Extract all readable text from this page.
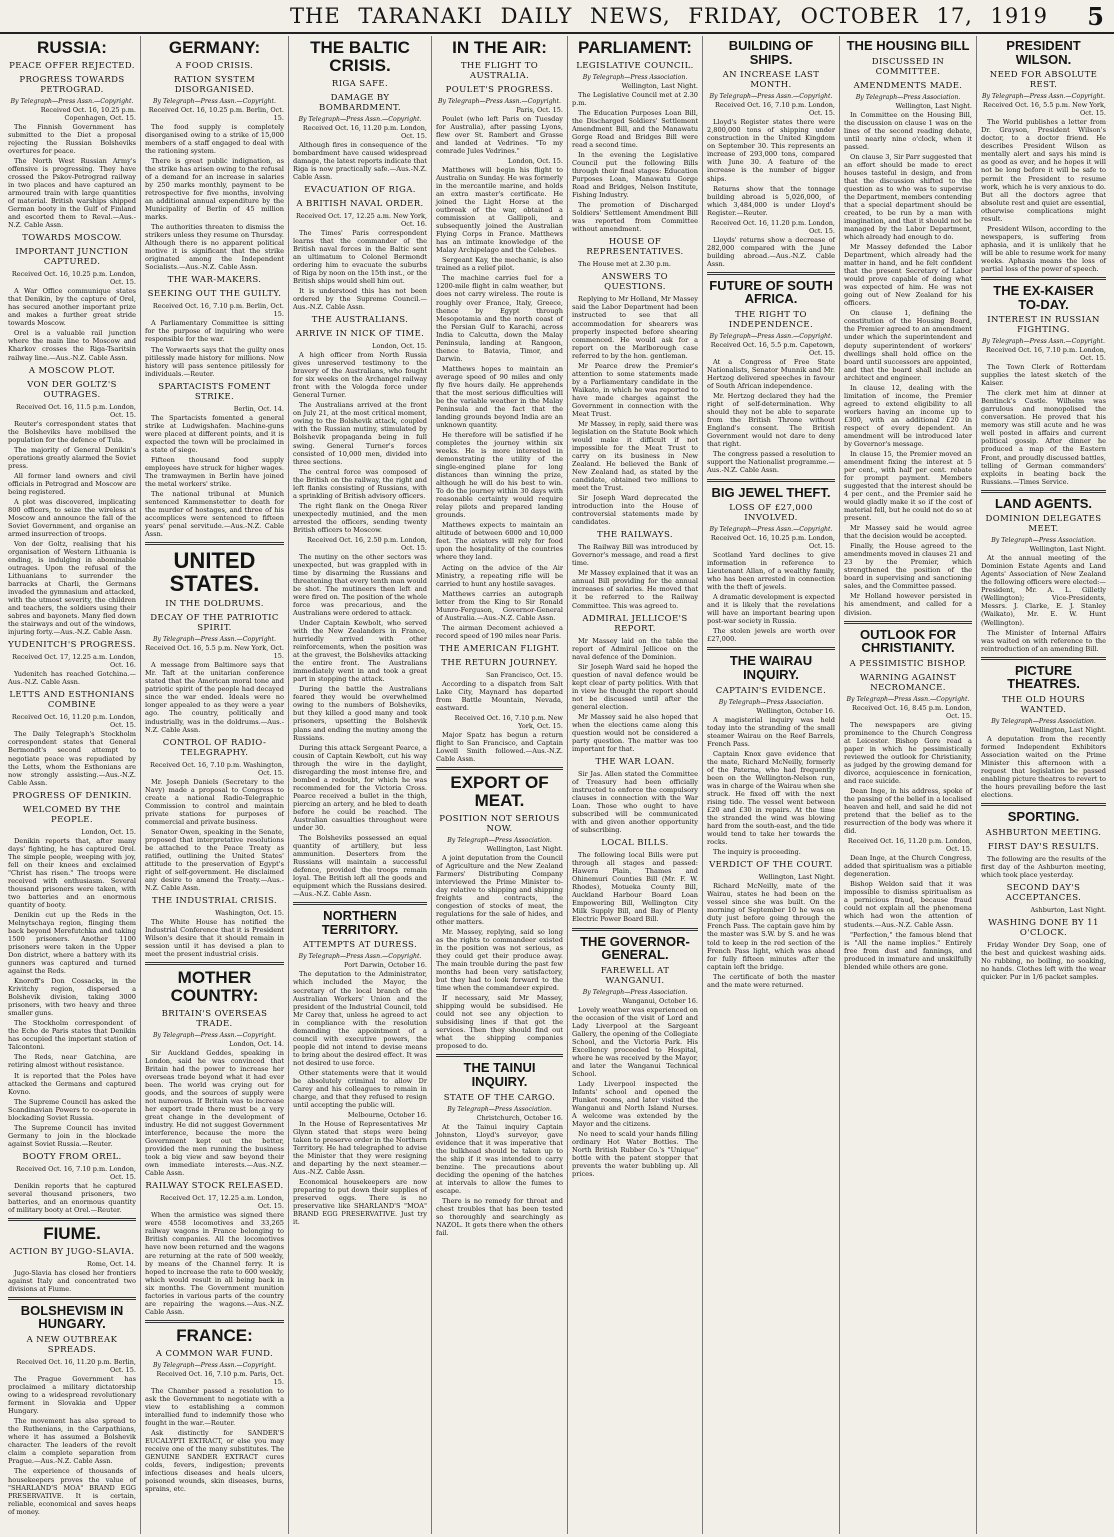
THE TARANAKI DAILY NEWS, FRIDAY, OCTOBER 17, 1919	5
RUSSIA:
PEACE OFFER REJECTED.
PROGRESS TOWARDS PETROGRAD.
By Telegraph—Press Assn.—Copyright.
Received Oct. 16, 10.25 p.m. Copenhagen, Oct. 15.

The Finnish Government has submitted to the Diet a proposal rejecting the Russian Bolsheviks overtures for peace.

The North West Russian Army's offensive is progressing. They have crossed the Pskov-Petrograd railway in two places and have captured an armoured train with large quantities of material. British warships shipped German booty in the Gulf of Finland and escorted them to Reval.—Aus.-N.Z. Cable Assn.

TOWARDS MOSCOW.
IMPORTANT JUNCTION CAPTURED.
Received Oct. 16, 10.25 p.m. London, Oct. 15.

A War Office communique states that Denikin, by the capture of Orel, has secured another important prize and makes a further great stride towards Moscow.

Orel is a valuable rail junction where the main line to Moscow and Kharkov crosses the Riga-Tsaritsin railway line.—Aus.-N.Z. Cable Assn.

A MOSCOW PLOT.
VON DER GOLTZ'S OUTRAGES.
Received Oct. 16, 11.5 p.m. London, Oct. 15.

Reuter's correspondent states that the Bolsheviks have mobilised the population for the defence of Tula.

The majority of General Denikin's operations greatly alarmed the Soviet press.

All former land owners and civil officials in Petrograd and Moscow are being registered.

A plot was discovered, implicating 800 officers, to seize the wireless at Moscow and announce the fall of the Soviet Government, and organise an armed insurrection of troops.

Von der Goltz, realising that his organisation of Western Lithuania is ending, is indulging in abominable outrages. Upon the refusal of the Lithuanians to surrender the barracks at Charli, the Germans invaded the gymnasium and attacked, with the utmost severity, the children and teachers, the soldiers using their sabres and bayonets. Many fled down the stairways and out of the windows, injuring forty.—Aus.-N.Z. Cable Assn.

YUDENITCH'S PROGRESS.
Received Oct. 17, 12.25 a.m. London, Oct. 16.

Yudenitch has reached Gotchina.—Aus.-N.Z. Cable Assn.

LETTS AND ESTHONIANS COMBINE
Received Oct. 16, 11.20 p.m. London, Oct. 15.

The Daily Telegraph's Stockholm correspondent states that General Bermondt's second attempt to negotiate peace was repudiated by the Letts, whom the Esthonians are now strongly assisting.—Aus.-N.Z. Cable Assn.

PROGRESS OF DENIKIN.
WELCOMED BY THE PEOPLE.
London, Oct. 15.

Denikin reports that, after many days' fighting, he has captured Orel. The simple people, weeping with joy, fell on their knees and exclaimed "Christ has risen." The troops were received with enthusiasm. Several thousand prisoners were taken, with two batteries and an enormous quantity of booty.

Denikin cut up the Reds in the Melnytschaya region, flinging them back beyond Merefutchka and taking 1500 prisoners. Another 1100 prisoners were taken in the Upper Don district, where a battery with its gunners was captured and turned against the Reds.

Knoroff's Don Cossacks, in the Krivitchy region, dispersed a Bolshevik division, taking 3000 prisoners, with two heavy and three smaller guns.

The Stockholm correspondent of the Echo de Paris states that Denikin has occupied the important station of Talcontoni.

The Reds, near Gatchina, are retiring almost without resistance.

It is reported that the Poles have attacked the Germans and captured Kovno.

The Supreme Council has asked the Scandinavian Powers to co-operate in blockading Soviet Russia.

The Supreme Council has invited Germany to join in the blockade against Soviet Russia.—Reuter.

BOOTY FROM OREL.
Received Oct. 16, 7.10 p.m. London, Oct. 15.

Denikin reports that he captured several thousand prisoners, two batteries, and an enormous quantity of military booty at Orel.—Reuter.

FIUME.
ACTION BY JUGO-SLAVIA.
Rome, Oct. 14.

Jugo-Slavia has closed her frontiers against Italy and concentrated two divisions at Fiume.

BOLSHEVISM IN HUNGARY.
A NEW OUTBREAK SPREADS.
Received Oct. 16, 11.20 p.m. Berlin, Oct. 15.

The Prague Government has proclaimed a military dictatorship owing to a widespread revolutionary ferment in Slovakia and Upper Hungary.

The movement has also spread to the Ruthenians, in the Carpathians, where it has assumed a Bolshevik character. The leaders of the revolt claim a complete separation from Prague.—Aus.-N.Z. Cable Assn.

The experience of thousands of housekeepers proves the value of "SHARLAND'S MOA" BRAND EGG PRESERVATIVE. It is certain, reliable, economical and saves heaps of money.

GERMANY:
A FOOD CRISIS.
RATION SYSTEM DISORGANISED.
By Telegraph—Press Assn.—Copyright.
Received Oct. 16, 10.25 p.m. Berlin, Oct. 15.

The food supply is completely disorganised owing to a strike of 15,000 members of a staff engaged to deal with the rationing system.

There is great public indignation, as the strike has arisen owing to the refusal of a demand for an increase in salaries by 250 marks monthly, payment to be retrospective for five months, involving an additional annual expenditure by the Municipality of Berlin of 45 million marks.

The authorities threaten to dismiss the strikers unless they resume on Thursday. Although there is no apparent political motive it is significant that the strike originated among the Independent Socialists.—Aus.-N.Z. Cable Assn.

THE WAR-MAKERS.
SEEKING OUT THE GUILTY.
Received Oct. 16, 7.10 p.m. Berlin, Oct. 15.

A Parliamentary Committee is sitting for the purpose of inquiring who were responsible for the war.

The Vorwaerts says that the guilty ones pitilessly made history for millions. Now history will pass sentence pitilessly for individuals.—Reuter.

SPARTACISTS FOMENT STRIKE.
Berlin, Oct. 14.

The Spartacists fomented a general strike at Ludwigshafen. Machine-guns were placed at different points, and it is expected the town will be proclaimed in a state of siege.

Fifteen thousand food supply employees have struck for higher wages. The tramwaymen in Berlin have joined the metal workers' strike.

The national tribunal at Munich sentenced Kammenstetter to death for the murder of hostages, and three of his accomplices were sentenced to fifteen years' penal servitude.—Aus.-N.Z. Cable Assn.

UNITED STATES.
IN THE DOLDRUMS.
DECAY OF THE PATRIOTIC SPIRIT.
By Telegraph—Press Assn.—Copyright.
Received Oct. 16, 5.5 p.m. New York, Oct. 15.

A message from Baltimore says that Mr. Taft at the unitarian conference stated that the American moral tone and patriotic spirit of the people had decayed since the war ended. Ideals were no longer appealed to as they were a year ago. The country, politically and industrially, was in the doldrums.—Aus.-N.Z. Cable Assn.

CONTROL OF RADIO-TELEGRAPHY.
Received Oct. 16, 7.10 p.m. Washington, Oct. 15.

Mr. Joseph Daniels (Secretary to the Navy) made a proposal to Congress to create a national Radio-Telegraphic Commission to control and maintain private stations for purposes of commercial and private business.

Senator Owen, speaking in the Senate, proposed that interpretative resolutions be attached to the Peace Treaty as ratified, outlining the United States' attitude to the preservation of Egypt's right of self-government. He disclaimed any desire to amend the Treaty.—Aus.-N.Z. Cable Assn.

THE INDUSTRIAL CRISIS.
Washington, Oct. 15.

The White House has notified the Industrial Conference that it is President Wilson's desire that it should remain in session until it has devised a plan to meet the present industrial crisis.

MOTHER COUNTRY:
BRITAIN'S OVERSEAS TRADE.
By Telegraph—Press Assn.—Copyright.
London, Oct. 14.

Sir Auckland Geddes, speaking in London, said he was convinced that Britain had the power to increase her overseas trade beyond what it had ever been. The world was crying out for goods, and the sources of supply were not numerous. If Britain was to increase her export trade there must be a very great change in the development of industry. He did not suggest Government interference, because the more the Government kept out the better, provided the men running the business took a big view and saw beyond their own immediate interests.—Aus.-N.Z. Cable Assn.

RAILWAY STOCK RELEASED.
Received Oct. 17, 12.25 a.m. London, Oct. 15.

When the armistice was signed there were 4558 locomotives and 33,265 railway wagons in France belonging to British companies. All the locomotives have now been returned and the wagons are returning at the rate of 500 weekly, by means of the Channel ferry. It is hoped to increase the rate to 600 weekly, which would result in all being back in six months. The Government munition factories in various parts of the country are repairing the wagons.—Aus.-N.Z. Cable Assn.

FRANCE:
A COMMON WAR FUND.
By Telegraph—Press Assn.—Copyright.
Received Oct. 16, 7.10 p.m. Paris, Oct. 15.

The Chamber passed a resolution to ask the Government to negotiate with a view to establishing a common interallied fund to indemnify those who fought in the war.—Reuter.

Ask distinctly for SANDER'S EUCALYPTI EXTRACT, or else you may receive one of the many substitutes. The GENUINE SANDER EXTRACT cures colds, fevers, indigestion; prevents infectious diseases and heals ulcers, poisoned wounds, skin diseases, burns, sprains, etc.

THE BALTIC CRISIS.
RIGA SAFE.
DAMAGE BY BOMBARDMENT.
By Telegraph—Press Assn.—Copyright.
Received Oct. 16, 11.20 p.m. London, Oct. 15.

Although fires in consequence of the bombardment have caused widespread damage, the latest reports indicate that Riga is now practically safe.—Aus.-N.Z. Cable Assn.

EVACUATION OF RIGA.
A BRITISH NAVAL ORDER.
Received Oct. 17, 12.25 a.m. New York, Oct. 16.

The Times' Paris correspondent learns that the commander of the British naval forces in the Baltic sent an ultimatum to Colonel Bermondt ordering him to evacuate the suburbs of Riga by noon on the 15th inst., or the British ships would shell him out.

It is understood this has not been ordered by the Supreme Council.—Aus.-N.Z. Cable Assn.

THE AUSTRALIANS.
ARRIVE IN NICK OF TIME.
London, Oct. 15.

A high officer from North Russia gives unreserved testimony to the bravery of the Australians, who fought for six weeks on the Archangel railway front with the Vologda force under General Turner.

The Australians arrived at the front on July 21, at the most critical moment, owing to the Bolshevik attack, coupled with the Russian mutiny, stimulated by Bolshevik propaganda being in full swing. General Turner's forces consisted of 10,000 men, divided into three sections.

The central force was composed of the British on the railway, the right and left flanks consisting of Russians, with a sprinkling of British advisory officers.

The right flank on the Onega River unexpectedly mutinied, and the men arrested the officers, sending twenty British officers to Moscow.

Received Oct. 16, 2.50 p.m. London, Oct. 15.

The mutiny on the other sectors was unexpected, but was grappled with in time by disarming the Russians and threatening that every tenth man would be shot. The mutineers then left and were fired on. The position of the whole force was precarious, and the Australians were ordered to attack.

Under Captain Kewbolt, who served with the New Zealanders in France, hurriedly arrived with other reinforcements, when the position was at the gravest, the Bolsheviks attacking the entire front. The Australians immediately went in and took a great part in stopping the attack.

During the battle the Australians feared they would be overwhelmed owing to the numbers of Bolsheviks, but they killed a good many and took prisoners, upsetting the Bolshevik plans and ending the mutiny among the Russians.

During this attack Sergeant Pearce, a cousin of Captain Kewbolt, cut his way through the wire in the daylight, disregarding the most intense fire, and bombed a redoubt, for which he was recommended for the Victoria Cross. Pearce received a bullet in the thigh, piercing an artery, and he bled to death before he could be reached. The Australian casualties throughout were under 30.

The Bolsheviks possessed an equal quantity of artillery, but less ammunition. Deserters from the Russians will maintain a successful defence, provided the troops remain loyal. The British left all the goods and equipment which the Russians desired.—Aus.-N.Z. Cable Assn.

NORTHERN TERRITORY.
ATTEMPTS AT DURESS.
By Telegraph—Press Assn.—Copyright.
Port Darwin, October 16.

The deputation to the Administrator, which included the Mayor, the secretary of the local branch of the Australian Workers' Union and the president of the Industrial Council, told Mr Carey that, unless he agreed to act in compliance with the resolution demanding the appointment of a council with executive powers, the people did not intend to devise means to bring about the desired effect. It was not desired to use force.

Other statements were that it would be absolutely criminal to allow Dr Carey and his colleagues to remain in charge, and that they refused to resign until accepting the public will.

Melbourne, October 16.

In the House of Representatives Mr Glynn stated that steps were being taken to preserve order in the Northern Territory. He had telegraphed to advise the Minister that they were resigning and departing by the next steamer.—Aus.-N.Z. Cable Assn.

Economical housekeepers are now preparing to put down their supplies of preserved eggs. There is no preservative like SHARLAND'S "MOA" BRAND EGG PRESERVATIVE. Just try it.

IN THE AIR:
THE FLIGHT TO AUSTRALIA.
POULET'S PROGRESS.
By Telegraph—Press Assn.—Copyright.
Paris, Oct. 15.

Poulet (who left Paris on Tuesday for Australia), after passing Lyons, flew over St. Rambert and Grasse and landed at Vedrines. "To my comrade Jules Vedrines."

London, Oct. 15.

Matthews will begin his flight to Australia on Sunday. He was formerly in the mercantile marine, and holds an extra master's certificate. He joined the Light Horse at the outbreak of the war, obtained a commission at Gallipoli, and subsequently joined the Australian Flying Corps in France. Matthews has an intimate knowledge of the Malay Archipelago and the Celebes.

Sergeant Kay, the mechanic, is also trained as a relief pilot.

The machine carries fuel for a 1200-mile flight in calm weather, but does not carry wireless. The route is roughly over France, Italy, Greece, thence by Egypt through Mesopotamia and the north coast of the Persian Gulf to Karachi, across India to Calcutta, down the Malay Peninsula, landing at Rangoon, thence to Batavia, Timor, and Darwin.

Matthews hopes to maintain an average speed of 90 miles and only fly five hours daily. He apprehends that the most serious difficulties will be the variable weather in the Malay Peninsula and the fact that the landing grounds beyond India are an unknown quantity.

He therefore will be satisfied if he completes the journey within six weeks. He is more interested in demonstrating the utility of the single-engined plane for long distances than winning the prize, although he will do his best to win. To do the journey within 30 days with reasonable certainty would require relay pilots and prepared landing grounds.

Matthews expects to maintain an altitude of between 6000 and 10,000 feet. The aviators will rely for food upon the hospitality of the countries where they land.

Acting on the advice of the Air Ministry, a repeating rifle will be carried to hunt any hostile savages.

Matthews carries an autograph letter from the King to Sir Ronald Munro-Ferguson, Governor-General of Australia.—Aus.-N.Z. Cable Assn.

The airman Decoment achieved a record speed of 190 miles near Paris.

THE AMERICAN FLIGHT.
THE RETURN JOURNEY.
San Francisco, Oct. 15.

According to a dispatch from Salt Lake City, Maynard has departed from Battle Mountain, Nevada, eastward.

Received Oct. 16, 7.10 p.m. New York, Oct. 15.

Major Spatz has begun a return flight to San Francisco, and Captain Lowell Smith followed.—Aus.-N.Z. Cable Assn.

EXPORT OF MEAT.
POSITION NOT SERIOUS NOW.
By Telegraph—Press Association.
Wellington, Last Night.

A joint deputation from the Council of Agriculture and the New Zealand Farmers' Distributing Company interviewed the Prime Minister to-day relative to shipping and shipping freights and contracts, the congestion of stocks of meat, the regulations for the sale of hides, and other matters.

Mr. Massey, replying, said so long as the rights to commandeer existed in the position was not serious, as they could get their produce away. The main trouble during the past few months had been very satisfactory, but they had to look forward to the time when the commandeer expired.

If necessary, said Mr Massey, shipping would be subsidised. He could not see any objection to subsidising lines if that got the services. Then they should find out what the shipping companies proposed to do.

THE TAINUI INQUIRY.
STATE OF THE CARGO.
By Telegraph—Press Association.
Christchurch, October 16.

At the Tainui inquiry Captain Johnston, Lloyd's surveyor, gave evidence that it was imperative that the bulkhead should be taken up to the ship if it was intended to carry benzine. The precautions about deciding the opening of the hatches at intervals to allow the fumes to escape.

There is no remedy for throat and chest troubles that has been tested so thoroughly and searchingly as NAZOL. It gets there when the others fail.

PARLIAMENT:
LEGISLATIVE COUNCIL.
By Telegraph—Press Association.
Wellington, Last Night.

The Legislative Council met at 2.30 p.m.

The Education Purposes Loan Bill, the Discharged Soldiers' Settlement Amendment Bill, and the Manawatu Gorge Road and Bridges Bill were read a second time.

In the evening the Legislative Council put the following Bills through their final stages: Education Purposes Loan, Manawatu Gorge Road and Bridges, Nelson Institute, Fishing Industry.

The promotion of Discharged Soldiers' Settlement Amendment Bill was reported from Committee without amendment.

HOUSE OF REPRESENTATIVES.

The House met at 2.30 p.m.

ANSWERS TO QUESTIONS.

Replying to Mr Holland, Mr Massey said the Labor Department had been instructed to see that all accommodation for shearers was properly inspected before shearing commenced. He would ask for a report on the Marlborough case referred to by the hon. gentleman.

Mr Pearce drew the Premier's attention to some statements made by a Parliamentary candidate in the Waikato, in which he was reported to have made charges against the Government in connection with the Meat Trust.

Mr Massey, in reply, said there was legislation on the Statute Book which would make it difficult if not impossible for the Meat Trust to carry on its business in New Zealand. He believed the Bank of New Zealand had, as stated by the candidate, obtained two millions to meet the Trust.

Sir Joseph Ward deprecated the introduction into the House of controversial statements made by candidates.

THE RAILWAYS.

The Railway Bill was introduced by Governor's message, and read a first time.

Mr Massey explained that it was an annual Bill providing for the annual increases of salaries. He moved that it be referred to the Railway Committee. This was agreed to.

ADMIRAL JELLICOE'S REPORT.

Mr Massey laid on the table the report of Admiral Jellicoe on the naval defence of the Dominion.

Sir Joseph Ward said he hoped the question of naval defence would be kept clear of party politics. With that in view he thought the report should not be discussed until after the general election.

Mr Massey said he also hoped that when the elections came along this question would not be considered a party question. The matter was too important for that.

THE WAR LOAN.

Sir Jas. Allen stated the Committee of Treasury had been officially instructed to enforce the compulsory clauses in connection with the War Loan. Those who ought to have subscribed will be communicated with and given another opportunity of subscribing.

LOCAL BILLS.

The following local Bills were put through all stages and passed: Hawera Plain, Thames and Ohinemuri Counties Bill (Mr. F. W. Rhodes), Motueka County Bill, Auckland Harbour Board Loan Empowering Bill, Wellington City Milk Supply Bill, and Bay of Plenty Electric Power Board Bill.

THE GOVERNOR-GENERAL.
FAREWELL AT WANGANUI.
By Telegraph—Press Association.
Wanganui, October 16.

Lovely weather was experienced on the occasion of the visit of Lord and Lady Liverpool at the Sargeant Gallery, the opening of the Collegiate School, and the Victoria Park. His Excellency proceeded to Hospital, where he was received by the Mayor, and later the Wanganui Technical School.

Lady Liverpool inspected the Infants' school and opened the Plunket rooms, and later visited the Wanganui and North Island Nurses. A welcome was extended by the Mayor and the citizens.

No need to scald your hands filling ordinary Hot Water Bottles. The North British Rubber Co.'s "Unique" bottle with the patent stopper that prevents the water bubbling up. All prices.

BUILDING OF SHIPS.
AN INCREASE LAST MONTH.
By Telegraph—Press Assn.—Copyright.
Received Oct. 16, 7.10 p.m. London, Oct. 15.

Lloyd's Register states there were 2,800,000 tons of shipping under construction in the United Kingdom on September 30. This represents an increase of 293,000 tons, compared with June 30. A feature of the increase is the number of bigger ships.

Returns show that the tonnage building abroad is 5,026,000, of which 3,484,000 is under Lloyd's Register.—Reuter.

Received Oct. 16, 11.20 p.m. London, Oct. 15.

Lloyds' returns show a decrease of 282,000 compared with the June building abroad.—Aus.-N.Z. Cable Assn.

FUTURE OF SOUTH AFRICA.
THE RIGHT TO INDEPENDENCE.
By Telegraph—Press Assn.—Copyright.
Received Oct. 16, 5.5 p.m. Capetown, Oct. 15.

At a Congress of Free State Nationalists, Senator Munnik and Mr. Hertzog delivered speeches in favour of South African independence.

Mr. Hertzog declared they had the right of self-determination. Why should they not be able to separate from the British Throne without England's consent. The British Government would not dare to deny that right.

The congress passed a resolution to support the Nationalist programme.—Aus.-N.Z. Cable Assn.

BIG JEWEL THEFT.
LOSS OF £27,000 INVOLVED.
By Telegraph—Press Assn.—Copyright.
Received Oct. 16, 10.25 p.m. London, Oct. 15.

Scotland Yard declines to give information in reference to Lieutenant Allan, of a wealthy family, who has been arrested in connection with the theft of jewels.

A dramatic development is expected and it is likely that the revelations will have an important bearing upon post-war society in Russia.

The stolen jewels are worth over £27,000.

THE WAIRAU INQUIRY.
CAPTAIN'S EVIDENCE.
By Telegraph—Press Association.
Wellington, October 16.

A magisterial inquiry was held today into the stranding of the small steamer Wairau on the Reef Barrels, French Pass.

Captain Knox gave evidence that the mate, Richard McNeilly, formerly of the Paterna, who had frequently been on the Wellington-Nelson run, was in charge of the Wairau when she struck. He fixed off with the next rising tide. The vessel went between £20 and £30 in repairs. At the time the stranded the wind was blowing hard from the south-east, and the tide would tend to take her towards the rocks.

The inquiry is proceeding.

VERDICT OF THE COURT.
Wellington, Last Night.

Richard McNeilly, mate of the Wairau, states he had been on the vessel since she was built. On the morning of September 10 he was on duty just before going through the French Pass. The captain gave him by the master was S.W. by S. and he was told to keep in the red section of the French Pass light, which was ahead for fully fifteen minutes after the captain left the bridge.

The certificate of both the master and the mate were returned.

THE HOUSING BILL
DISCUSSED IN COMMITTEE.
AMENDMENTS MADE.
By Telegraph—Press Association.
Wellington, Last Night.

In Committee on the Housing Bill, the discussion on clause 1 was on the lines of the second reading debate, until nearly nine o'clock, when it passed.

On clause 3, Sir Parr suggested that an effort should be made to erect houses tasteful in design, and from that the discussion shifted to the question as to who was to supervise the Department, members contending that a special department should be created, to be run by a man with imagination, and that it should not be managed by the Labor Department, which already had enough to do.

Mr Massey defended the Labor Department, which already had the matter in hand, and he felt confident that the present Secretary of Labor would prove capable of doing what was expected of him. He was not going out of New Zealand for his officers.

On clause 1, defining the constitution of the Housing Board, the Premier agreed to an amendment under which the superintendent and deputy superintendent of workers' dwellings shall hold office on the board until successors are appointed, and that the board shall include an architect and engineer.

In clause 12, dealing with the limitation of income, the Premier agreed to extend eligibility to all workers having an income up to £300, with an additional £20 in respect of every dependent. An amendment will be introduced later by Governor's message.

In clause 15, the Premier moved an amendment fixing the interest at 5 per cent., with half per cent. rebate for prompt payment. Members suggested that the interest should be 4 per cent., and the Premier said he would gladly make it so if the cost of material fell, but he could not do so at present.

Mr Massey said he would agree that the decision would be accepted.

Finally, the House agreed to the amendments moved in clauses 21 and 23 by the Premier, which strengthened the position of the board in supervising and sanctioning sales, and the Committee passed.

Mr Holland however persisted in his amendment, and called for a division.

OUTLOOK FOR CHRISTIANITY.
A PESSIMISTIC BISHOP.
WARNING AGAINST NECROMANCE.
By Telegraph—Press Assn.—Copyright.
Received Oct. 16, 8.45 p.m. London, Oct. 15.

The newspapers are giving prominence to the Church Congress at Leicester. Bishop Gore read a paper in which he pessimistically reviewed the outlook for Christianity, as judged by the growing demand for divorce, acquiescence in fornication, and race suicide.

Dean Inge, in his address, spoke of the passing of the belief in a localised heaven and hell, and said he did not pretend that the belief as to the resurrection of the body was where it did.

Received Oct. 16, 11.20 p.m. London, Oct. 15.

Dean Inge, at the Church Congress, added that spiritualism was a pitiable degeneration.

Bishop Weldon said that it was impossible to dismiss spiritualism as a pernicious fraud, because fraud could not explain all the phenomena which had won the attention of students.—Aus.-N.Z. Cable Assn.

"Perfection," the famous blend that is "All the name implies." Entirely free from dust and fannings, and produced in immature and unskilfully blended while others are gone.

PRESIDENT WILSON.
NEED FOR ABSOLUTE REST.
By Telegraph—Press Assn.—Copyright.
Received Oct. 16, 5.5 p.m. New York, Oct. 15.

The World publishes a letter from Dr. Grayson, President Wilson's doctor, to a doctor friend. He describes President Wilson as mentally alert and says his mind is as good as ever, and he hopes it will not be long before it will be safe to permit the President to resume work, which he is very anxious to do. But all the doctors agree that absolute rest and quiet are essential, otherwise complications might result.

President Wilson, according to the newspapers, is suffering from aphasia, and it is unlikely that he will be able to resume work for many weeks. Aphasia means the loss of partial loss of the power of speech.

THE EX-KAISER TO-DAY.
INTEREST IN RUSSIAN FIGHTING.
By Telegraph—Press Assn.—Copyright.
Received Oct. 16, 7.10 p.m. London, Oct. 15.

The Town Clerk of Rotterdam supplies the latest sketch of the Kaiser.

The clerk met him at dinner at Bentinck's Castle. Wilhelm was garrulous and monopolised the conversation. He proved that his memory was still acute and he was well posted in affairs and current political gossip. After dinner he produced a map of the Eastern Front, and proudly discussed battles, telling of German commanders' exploits in beating back the Russians.—Times Service.

LAND AGENTS.
DOMINION DELEGATES MEET.
By Telegraph—Press Association.
Wellington, Last Night.

At the annual meeting of the Dominion Estate Agents and Land Agents' Association of New Zealand the following officers were elected:—President, Mr. A. L. Gilletly (Wellington); Vice-Presidents, Messrs. J. Clarke, E. J. Stanley (Waikato), Mr. E. W. Hunt (Wellington).

The Minister of Internal Affairs was waited on with reference to the reintroduction of an amending Bill.

PICTURE THEATRES.
THE OLD HOURS WANTED.
By Telegraph—Press Association.
Wellington, Last Night.

A deputation from the recently formed Independent Exhibitors Association waited on the Prime Minister this afternoon with a request that legislation be passed enabling picture theatres to revert to the hours prevailing before the last elections.

SPORTING.
ASHBURTON MEETING.
FIRST DAY'S RESULTS.

The following are the results of the first day of the Ashburton meeting, which took place yesterday.

SECOND DAY'S ACCEPTANCES.
Ashburton, Last Night.
WASHING DONE BY 11 O'CLOCK.

Friday Wonder Dry Soap, one of the best and quickest washing aids. No rubbing, no boiling, no soaking, no hands. Clothes left with the wear quicker. Pur in 1/6 packet samples.
